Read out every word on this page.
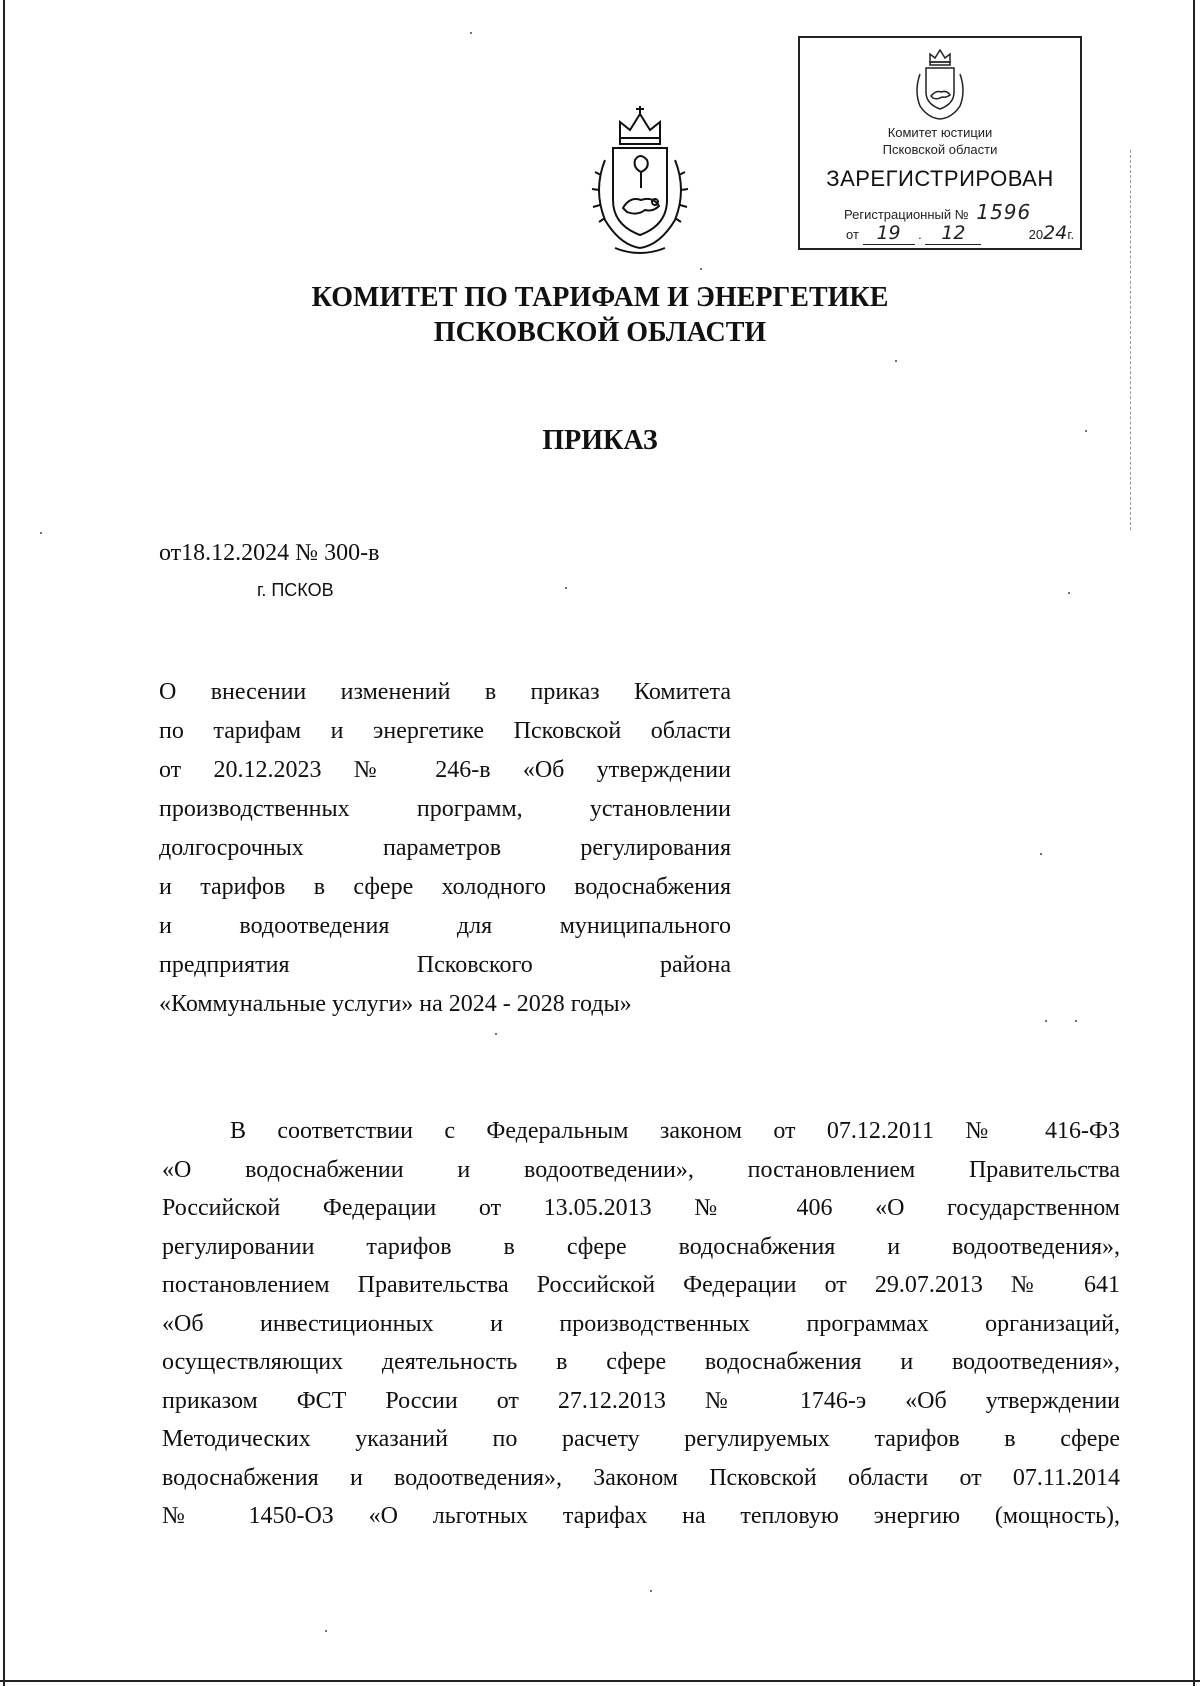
Комитет юстиции
Псковской области
ЗАРЕГИСТРИРОВАН
Регистрационный № 1596
от 19 . 12	2024г.
КОМИТЕТ ПО ТАРИФАМ И ЭНЕРГЕТИКЕ
ПСКОВСКОЙ ОБЛАСТИ
ПРИКАЗ
от18.12.2024 № 300-в
г. ПСКОВ
О внесении изменений в приказ Комитета
по тарифам и энергетике Псковской области
от 20.12.2023 № 246-в «Об утверждении
производственных программ, установлении
долгосрочных параметров регулирования
и тарифов в сфере холодного водоснабжения
и водоотведения для муниципального
предприятия Псковского района
«Коммунальные услуги» на 2024 - 2028 годы»
В соответствии с Федеральным законом от 07.12.2011 № 416-ФЗ
«О водоснабжении и водоотведении», постановлением Правительства
Российской Федерации от 13.05.2013 № 406 «О государственном
регулировании тарифов в сфере водоснабжения и водоотведения»,
постановлением Правительства Российской Федерации от 29.07.2013 № 641
«Об инвестиционных и производственных программах организаций,
осуществляющих деятельность в сфере водоснабжения и водоотведения»,
приказом ФСТ России от 27.12.2013 № 1746-э «Об утверждении
Методических указаний по расчету регулируемых тарифов в сфере
водоснабжения и водоотведения», Законом Псковской области от 07.11.2014
№ 1450-ОЗ «О льготных тарифах на тепловую энергию (мощность),
